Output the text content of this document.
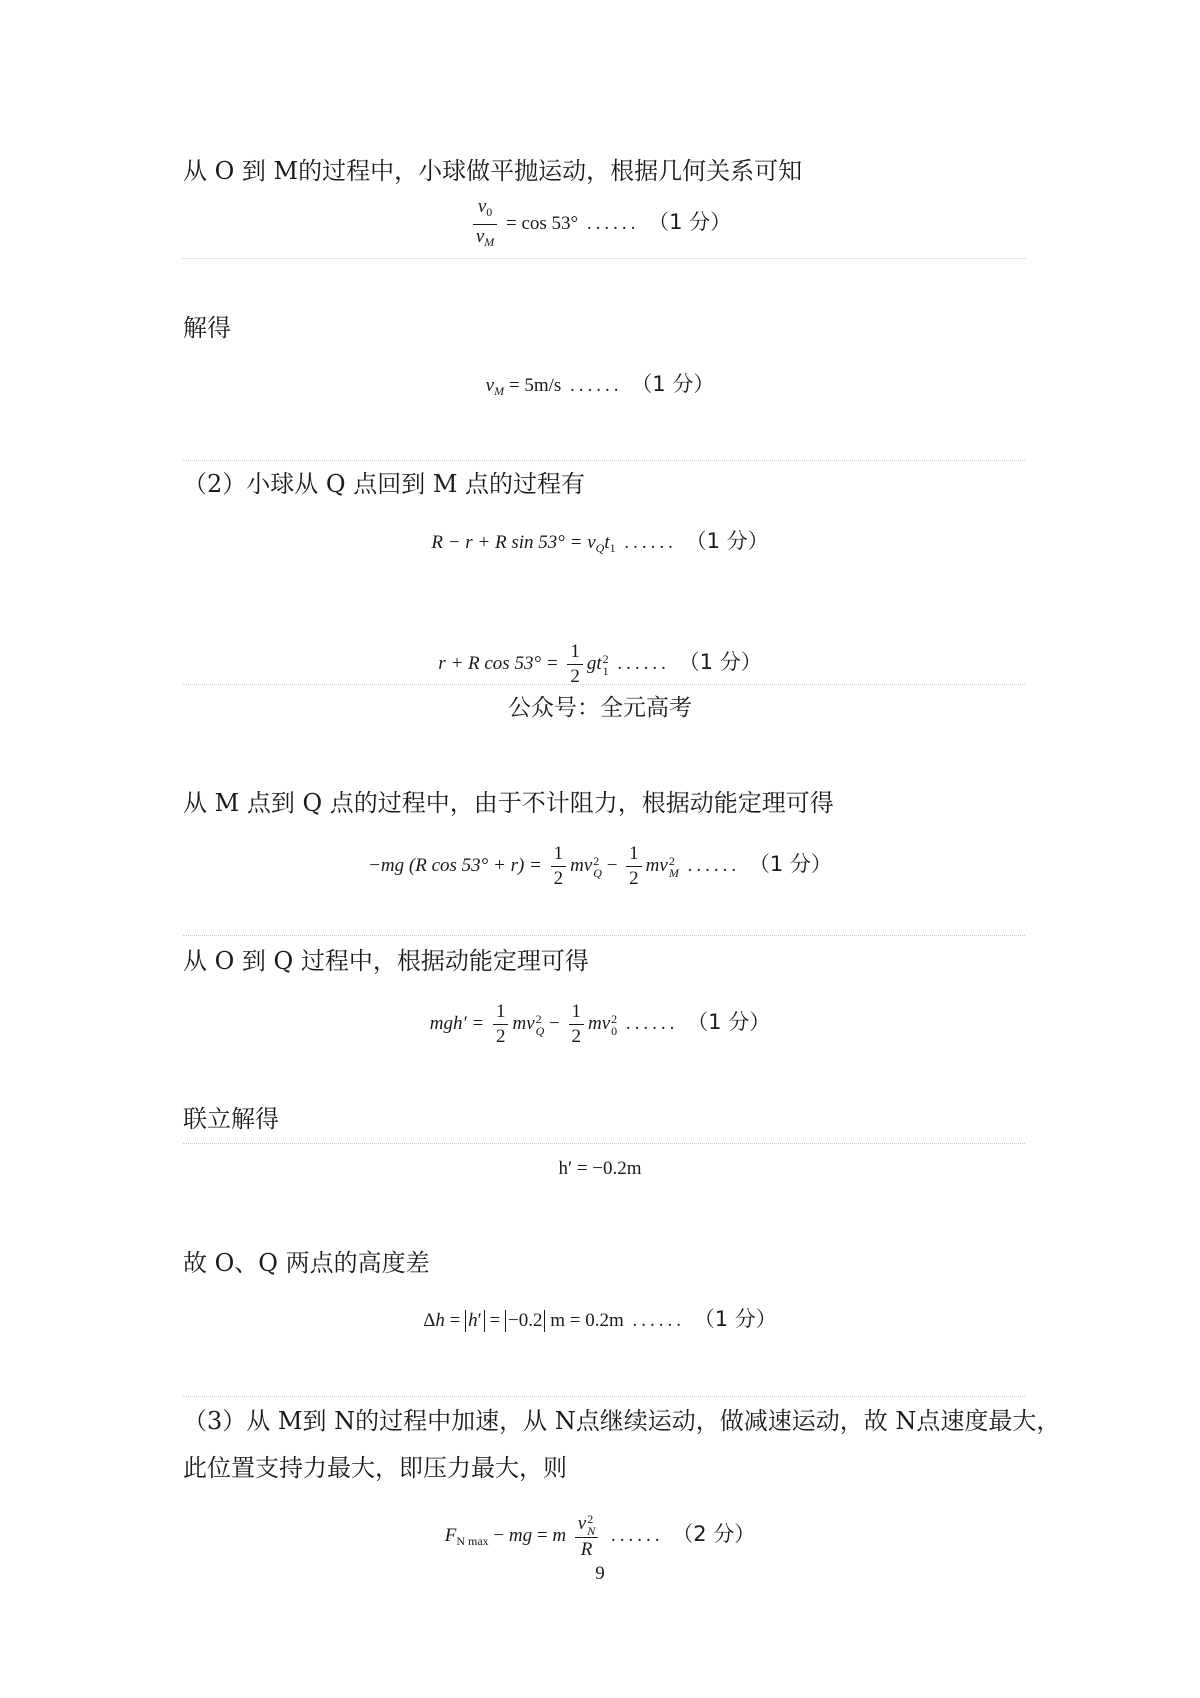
从 O 到 M的过程中，小球做平抛运动，根据几何关系可知
$\frac{v_0}{v_M} = \cos 53^\circ$ ...... （1 分）
解得
$v_M = 5m/s$ ...... （1 分）
（2）小球从 Q 点回到 M 点的过程有
R − r + R $\sin 53^\circ = v_Qt_1$ ...... （1 分）
r + R $\cos 53^\circ = \frac{1}{2}$ gt 2
1 ...... （1 分）
公众号：全元高考
从 M 点到 Q 点的过程中，由于不计阻力，根据动能定理可得
−mg (R $\cos 53^\circ + r) = \frac{1}{2}$ mv 2
$Q - \frac{1}{2}$ mv 2
M ...... （1 分）
从 O 到 Q 过程中，根据动能定理可得
$mgh' = \frac{1}{2}$ mv 2
$Q - \frac{1}{2}$ mv 2
0 ...... （1 分）
联立解得
h′ = −0.2m
故 O、Q 两点的高度差
Δh = h′ = −0.2 m = 0.2m ...... （1 分）
（3）从 M到 N的过程中加速，从 N点继续运动，做减速运动，故 N点速度最大，
此位置支持力最大，即压力最大，则
$F_{N max}$ − mg = m v 2
N
R ...... （2 分）
9
